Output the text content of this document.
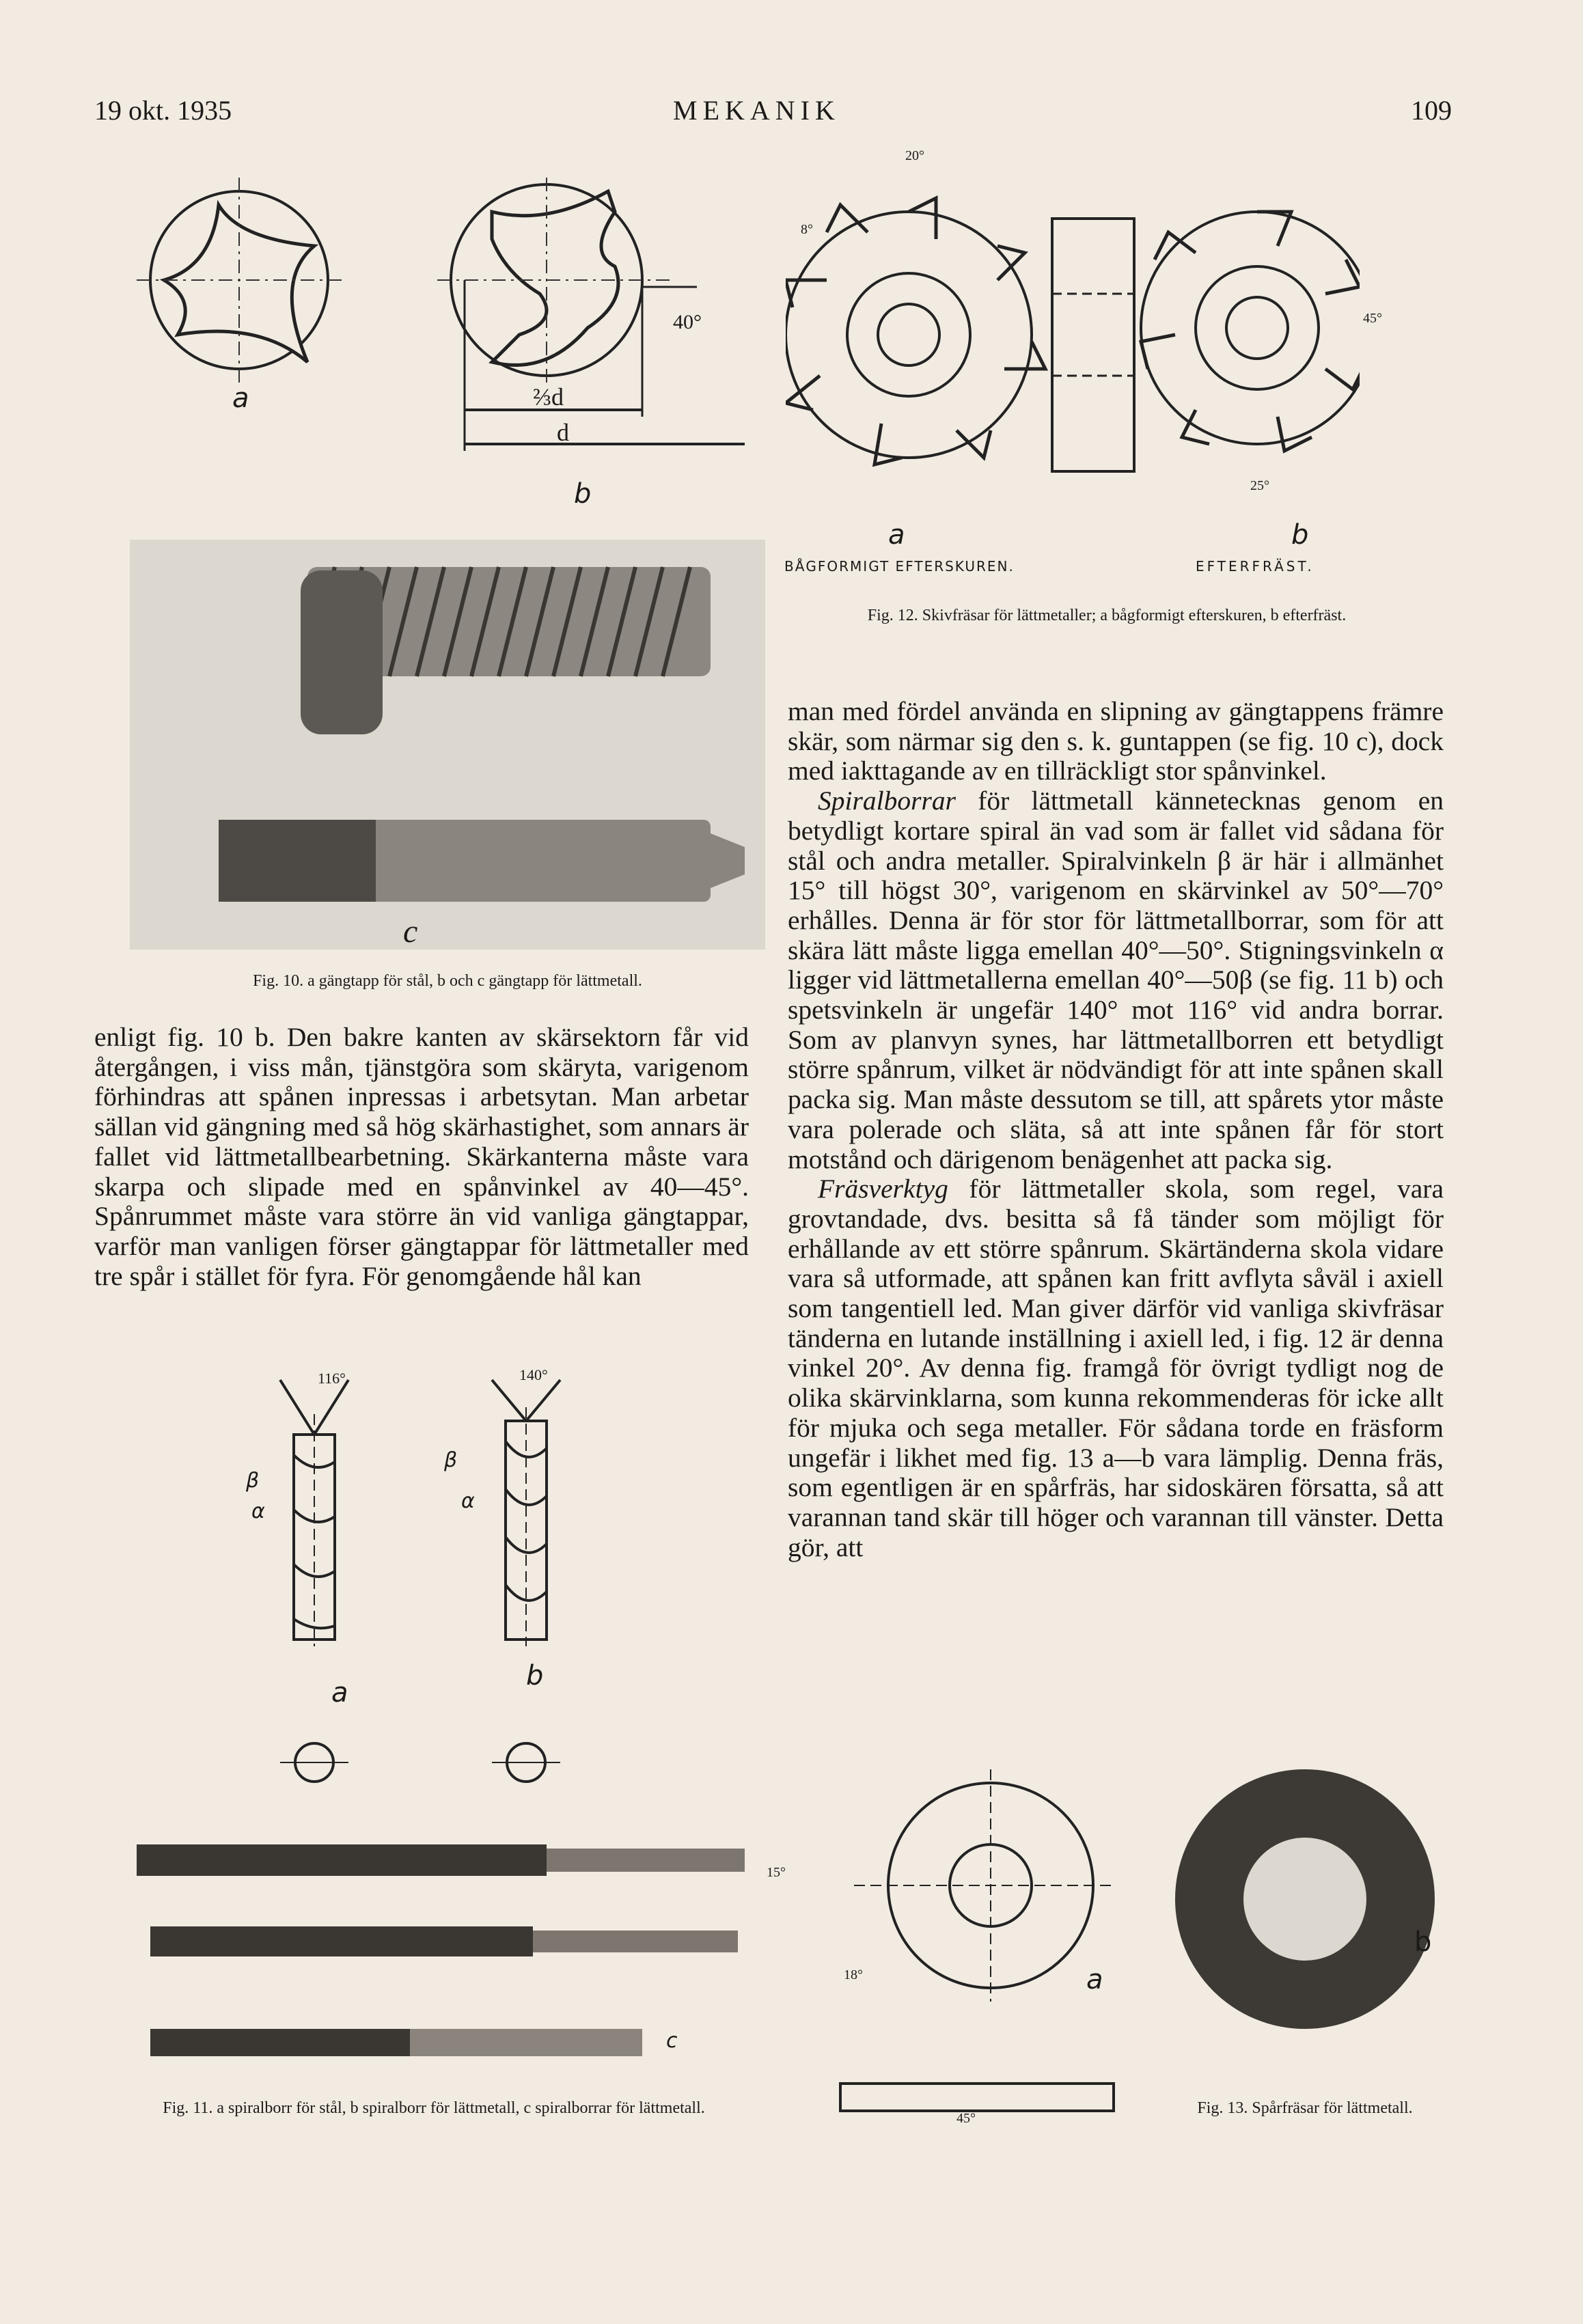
19 okt. 1935	MEKANIK	109
.
a
b
40°
⅔d
d
c
Fig. 10. a gängtapp för stål, b och c gängtapp för lättmetall.
20°
8°
45°
25°
a	b
BÅGFORMIGT EFTERSKUREN.	EFTERFRÄST.
Fig. 12. Skivfräsar för lättmetaller; a bågformigt efterskuren, b efterfräst.

enligt fig. 10 b. Den bakre kanten av skärsektorn får vid återgången, i viss mån, tjänstgöra som skäryta, varigenom förhindras att spånen inpressas i arbetsytan. Man arbetar sällan vid gängning med så hög skärhastighet, som annars är fallet vid lättmetallbearbetning. Skärkanterna måste vara skarpa och slipade med en spånvinkel av 40—45°. Spånrummet måste vara större än vid vanliga gängtappar, varför man vanligen förser gängtappar för lättmetaller med tre spår i stället för fyra. För genomgående hål kan

man med fördel använda en slipning av gängtappens främre skär, som närmar sig den s. k. guntappen (se fig. 10 c), dock med iakttagande av en tillräckligt stor spånvinkel.

Spiralborrar för lättmetall kännetecknas genom en betydligt kortare spiral än vad som är fallet vid sådana för stål och andra metaller. Spiralvinkeln β är här i allmänhet 15° till högst 30°, varigenom en skärvinkel av 50°—70° erhålles. Denna är för stor för lättmetallborrar, som för att skära lätt måste ligga emellan 40°—50°. Stigningsvinkeln α ligger vid lättmetallerna emellan 40°—50β (se fig. 11 b) och spetsvinkeln är ungefär 140° mot 116° vid andra borrar. Som av planvyn synes, har lättmetallborren ett betydligt större spånrum, vilket är nödvändigt för att inte spånen skall packa sig. Man måste dessutom se till, att spårets ytor måste vara polerade och släta, så att inte spånen får för stort motstånd och därigenom benägenhet att packa sig.

Fräsverktyg för lättmetaller skola, som regel, vara grovtandade, dvs. besitta så få tänder som möjligt för erhållande av ett större spånrum. Skärtänderna skola vidare vara så utformade, att spånen kan fritt avflyta såväl i axiell som tangentiell led. Man giver därför vid vanliga skivfräsar tänderna en lutande inställning i axiell led, i fig. 12 är denna vinkel 20°. Av denna fig. framgå för övrigt tydligt nog de olika skärvinklarna, som kunna rekommenderas för icke allt för mjuka och sega metaller. För sådana torde en fräsform ungefär i likhet med fig. 13 a—b vara lämplig. Denna fräs, som egentligen är en spårfräs, har sidoskären försatta, så att varannan tand skär till höger och varannan till vänster. Detta gör, att

116°	140°
β
α
β
α
a
b
c
Fig. 11. a spiralborr för stål, b spiralborr för lättmetall, c spiralborrar för lättmetall.
15°
18°
45°
a
b
Fig. 13. Spårfräsar för lättmetall.
